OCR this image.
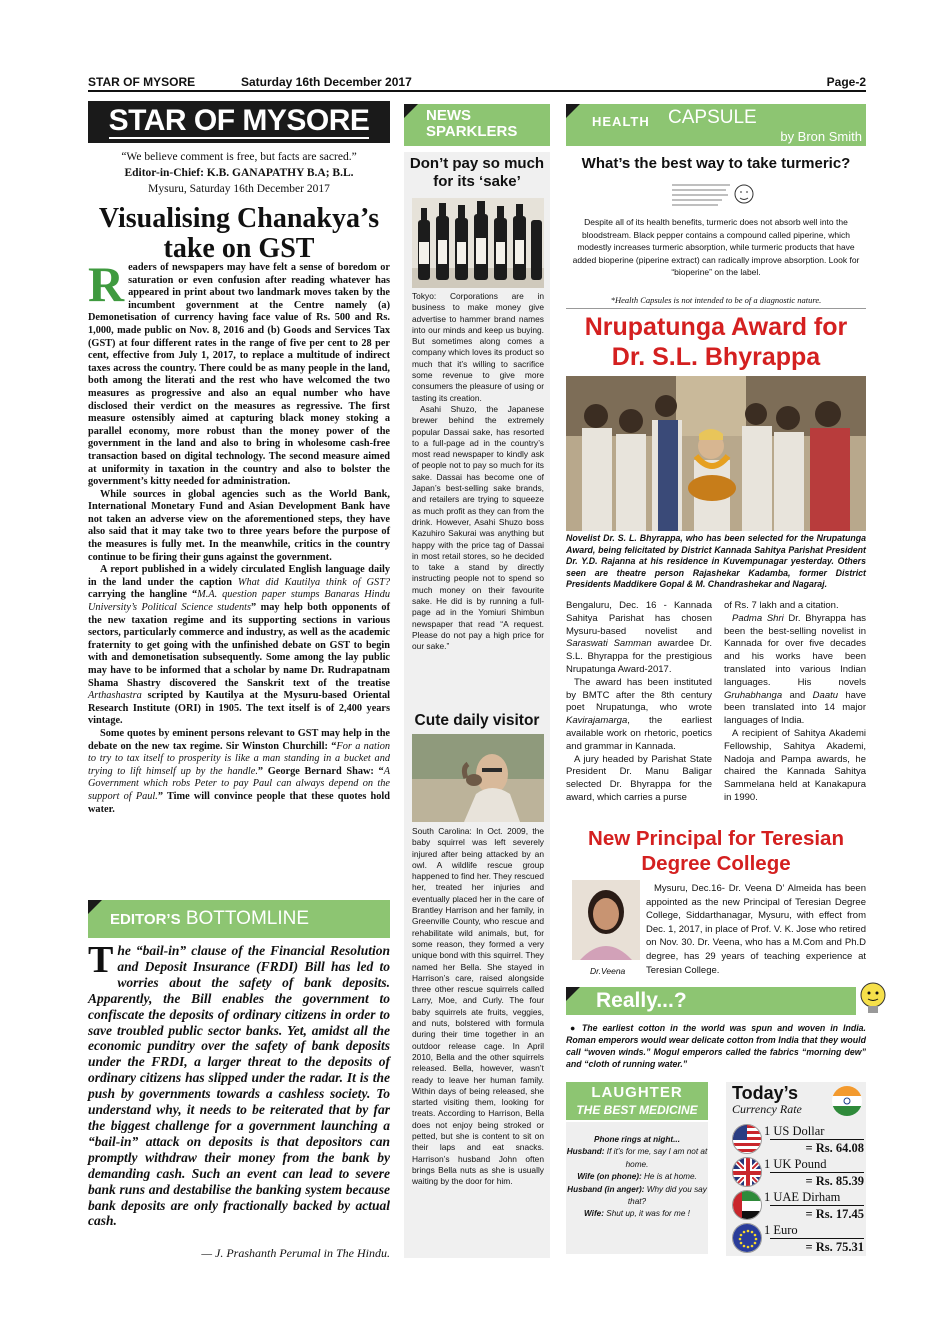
STAR OF MYSORE	Saturday 16th December 2017	Page-2
STAR OF MYSORE
“We believe comment is free, but facts are sacred.”
Editor-in-Chief: K.B. GANAPATHY B.A; B.L.
Mysuru, Saturday 16th December 2017
Visualising Chanakya’s take on GST

Readers of newspapers may have felt a sense of boredom or saturation or even confusion after reading whatever has appeared in print about two landmark moves taken by the incumbent government at the Centre namely (a) Demonetisation of currency having face value of Rs. 500 and Rs. 1,000, made public on Nov. 8, 2016 and (b) Goods and Services Tax (GST) at four different rates in the range of five per cent to 28 per cent, effective from July 1, 2017, to replace a multitude of indirect taxes across the country. There could be as many people in the land, both among the literati and the rest who have welcomed the two measures as progressive and also an equal number who have disclosed their verdict on the measures as regressive. The first measure ostensibly aimed at capturing black money stoking a parallel economy, more robust than the money power of the government in the land and also to bring in wholesome cash-free transaction based on digital technology. The second measure aimed at uniformity in taxation in the country and also to bolster the government’s kitty needed for administration.

While sources in global agencies such as the World Bank, International Monetary Fund and Asian Development Bank have not taken an adverse view on the aforementioned steps, they have also said that it may take two to three years before the purpose of the measures is fully met. In the meanwhile, critics in the country continue to be firing their guns against the government.

A report published in a widely circulated English language daily in the land under the caption What did Kautilya think of GST? carrying the hangline “M.A. question paper stumps Banaras Hindu University’s Political Science students” may help both opponents of the new taxation regime and its supporting sections in various sectors, particularly commerce and industry, as well as the academic fraternity to get going with the unfinished debate on GST to begin with and demonetisation subsequently. Some among the lay public may have to be informed that a scholar by name Dr. Rudrapatnam Shama Shastry discovered the Sanskrit text of the treatise Arthashastra scripted by Kautilya at the Mysuru-based Oriental Research Institute (ORI) in 1905. The text itself is of 2,400 years vintage.

Some quotes by eminent persons relevant to GST may help in the debate on the new tax regime. Sir Winston Churchill: “For a nation to try to tax itself to prosperity is like a man standing in a bucket and trying to lift himself up by the handle.” George Bernard Shaw: “A Government which robs Peter to pay Paul can always depend on the support of Paul.” Time will convince people that these quotes hold water.

EDITOR’S BOTTOMLINE
The “bail-in” clause of the Financial Resolution and Deposit Insurance (FRDI) Bill has led to worries about the safety of bank deposits. Apparently, the Bill enables the government to confiscate the deposits of ordinary citizens in order to save troubled public sector banks. Yet, amidst all the economic punditry over the safety of bank deposits under the FRDI, a larger threat to the deposits of ordinary citizens has slipped under the radar. It is the push by governments towards a cashless society. To understand why, it needs to be reiterated that by far the biggest challenge for a government launching a “bail-in” attack on deposits is that depositors can promptly withdraw their money from the bank by demanding cash. Such an event can lead to severe bank runs and destabilise the banking system because bank deposits are only fractionally backed by actual cash.
— J. Prashanth Perumal in The Hindu.
NEWS
SPARKLERS
Don’t pay so much for its ‘sake’

Tokyo: Corporations are in business to make money give advertise to hammer brand names into our minds and keep us buying. But sometimes along comes a company which loves its product so much that it’s willing to sacrifice some revenue to give more consumers the pleasure of using or tasting its creation.

Asahi Shuzo, the Japanese brewer behind the extremely popular Dassai sake, has resorted to a full-page ad in the country’s most read newspaper to kindly ask of people not to pay so much for its sake. Dassai has become one of Japan’s best-selling sake brands, and retailers are trying to squeeze as much profit as they can from the drink. However, Asahi Shuzo boss Kazuhiro Sakurai was anything but happy with the price tag of Dassai in most retail stores, so he decided to take a stand by directly instructing people not to spend so much money on their favourite sake. He did is by running a full-page ad in the Yomiuri Shimbun newspaper that read “A request. Please do not pay a high price for our sake.”

Cute daily visitor

South Carolina: In Oct. 2009, the baby squirrel was left severely injured after being attacked by an owl. A wildlife rescue group happened to find her. They rescued her, treated her injuries and eventually placed her in the care of Brantley Harrison and her family, in Greenville County, who rescue and rehabilitate wild animals, but, for some reason, they formed a very unique bond with this squirrel. They named her Bella. She stayed in Harrison’s care, raised alongside three other rescue squirrels called Larry, Moe, and Curly. The four baby squirrels ate fruits, veggies, and nuts, bolstered with formula during their time together in an outdoor release cage. In April 2010, Bella and the other squirrels released. Bella, however, wasn’t ready to leave her human family. Within days of being released, she started visiting them, looking for treats. According to Harrison, Bella does not enjoy being stroked or petted, but she is content to sit on their laps and eat snacks. Harrison’s husband John often brings Bella nuts as she is usually waiting by the door for him.

HEALTH CAPSULE
by Bron Smith
What’s the best way to take turmeric?
Despite all of its health benefits, turmeric does not absorb well into the bloodstream. Black pepper contains a compound called piperine, which modestly increases turmeric absorption, while turmeric products that have added bioperine (piperine extract) can radically improve absorption. Look for “bioperine” on the label.
*Health Capsules is not intended to be of a diagnostic nature.
Nrupatunga Award for Dr. S.L. Bhyrappa
Novelist Dr. S. L. Bhyrappa, who has been selected for the Nrupatunga Award, being felicitated by District Kannada Sahitya Parishat President Dr. Y.D. Rajanna at his residence in Kuvempunagar yesterday. Others seen are theatre person Rajashekar Kadamba, former District Presidents Maddikere Gopal & M. Chandrashekar and Nagaraj.

Bengaluru, Dec. 16 - Kannada Sahitya Parishat has chosen Mysuru-based novelist and Saraswati Samman awardee Dr. S.L. Bhyrappa for the prestigious Nrupatunga Award-2017.

The award has been instituted by BMTC after the 8th century poet Nrupatunga, who wrote Kavirajamarga, the earliest available work on rhetoric, poetics and grammar in Kannada.

A jury headed by Parishat State President Dr. Manu Baligar selected Dr. Bhyrappa for the award, which carries a purse

of Rs. 7 lakh and a citation.

Padma Shri Dr. Bhyrappa has been the best-selling novelist in Kannada for over five decades and his works have been translated into various Indian languages. His novels Gruhabhanga and Daatu have been translated into 14 major languages of India.

A recipient of Sahitya Akademi Fellowship, Sahitya Akademi, Nadoja and Pampa awards, he chaired the Kannada Sahitya Sammelana held at Kanakapura in 1990.

New Principal for Teresian Degree College
Dr.Veena
Mysuru, Dec.16- Dr. Veena D’ Almeida has been appointed as the new Principal of Teresian Degree College, Siddarthanagar, Mysuru, with effect from Dec. 1, 2017, in place of Prof. V. K. Jose who retired on Nov. 30. Dr. Veena, who has a M.Com and Ph.D degree, has 29 years of teaching experience at Teresian College.
Really...?
● The earliest cotton in the world was spun and woven in India. Roman emperors would wear delicate cotton from India that they would call “woven winds.” Mogul emperors called the fabrics “morning dew” and “cloth of running water.”
LAUGHTER
THE BEST MEDICINE
Phone rings at night...
Husband: If it’s for me, say I am not at home.
Wife (on phone): He is at home.
Husband (in anger): Why did you say that?
Wife: Shut up, it was for me !
Today’s
Currency Rate
1 US Dollar
= Rs. 64.08
1 UK Pound
= Rs. 85.39
1 UAE Dirham
= Rs. 17.45
1 Euro
= Rs. 75.31
